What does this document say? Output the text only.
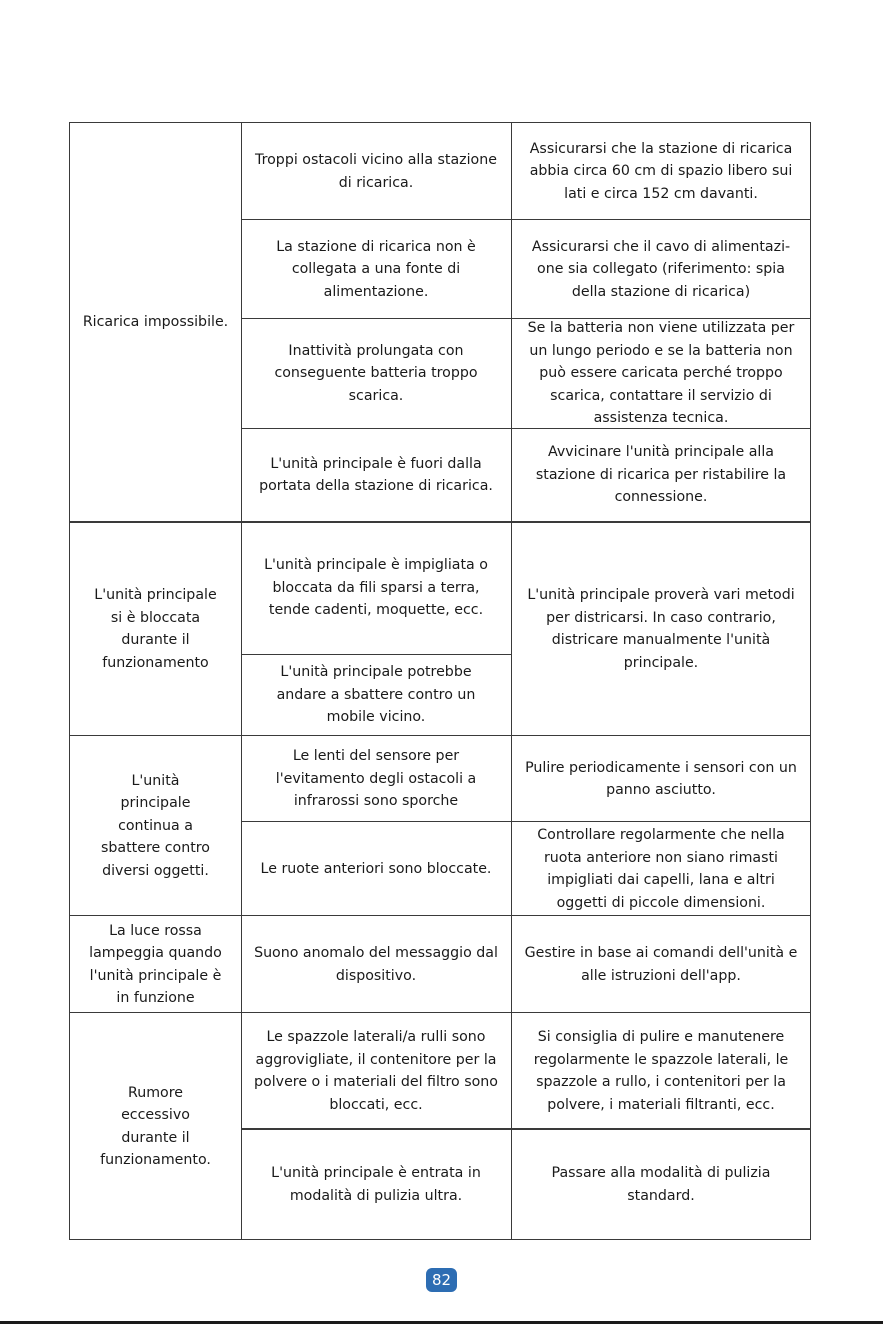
Ricarica impossibile.
Troppi ostacoli vicino alla stazione
di ricarica.
Assicurarsi che la stazione di ricarica
abbia circa 60 cm di spazio libero sui
lati e circa 152 cm davanti.
La stazione di ricarica non è
collegata a una fonte di
alimentazione.
Assicurarsi che il cavo di alimentazi-
one sia collegato (riferimento: spia
della stazione di ricarica)
Inattività prolungata con
conseguente batteria troppo
scarica.
Se la batteria non viene utilizzata per
un lungo periodo e se la batteria non
può essere caricata perché troppo
scarica, contattare il servizio di
assistenza tecnica.
L'unità principale è fuori dalla
portata della stazione di ricarica.
Avvicinare l'unità principale alla
stazione di ricarica per ristabilire la
connessione.
L'unità principale
si è bloccata
durante il
funzionamento
L'unità principale è impigliata o
bloccata da fili sparsi a terra,
tende cadenti, moquette, ecc.
L'unità principale potrebbe
andare a sbattere contro un
mobile vicino.
L'unità principale proverà vari metodi
per districarsi. In caso contrario,
districare manualmente l'unità
principale.
L'unità
principale
continua a
sbattere contro
diversi oggetti.
Le lenti del sensore per
l'evitamento degli ostacoli a
infrarossi sono sporche
Pulire periodicamente i sensori con un
panno asciutto.
Le ruote anteriori sono bloccate.
Controllare regolarmente che nella
ruota anteriore non siano rimasti
impigliati dai capelli, lana e altri
oggetti di piccole dimensioni.
La luce rossa
lampeggia quando
l'unità principale è
in funzione
Suono anomalo del messaggio dal
dispositivo.
Gestire in base ai comandi dell'unità e
alle istruzioni dell'app.
Rumore
eccessivo
durante il
funzionamento.
Le spazzole laterali/a rulli sono
aggrovigliate, il contenitore per la
polvere o i materiali del filtro sono
bloccati, ecc.
Si consiglia di pulire e manutenere
regolarmente le spazzole laterali, le
spazzole a rullo, i contenitori per la
polvere, i materiali filtranti, ecc.
L'unità principale è entrata in
modalità di pulizia ultra.
Passare alla modalità di pulizia
standard.
82
